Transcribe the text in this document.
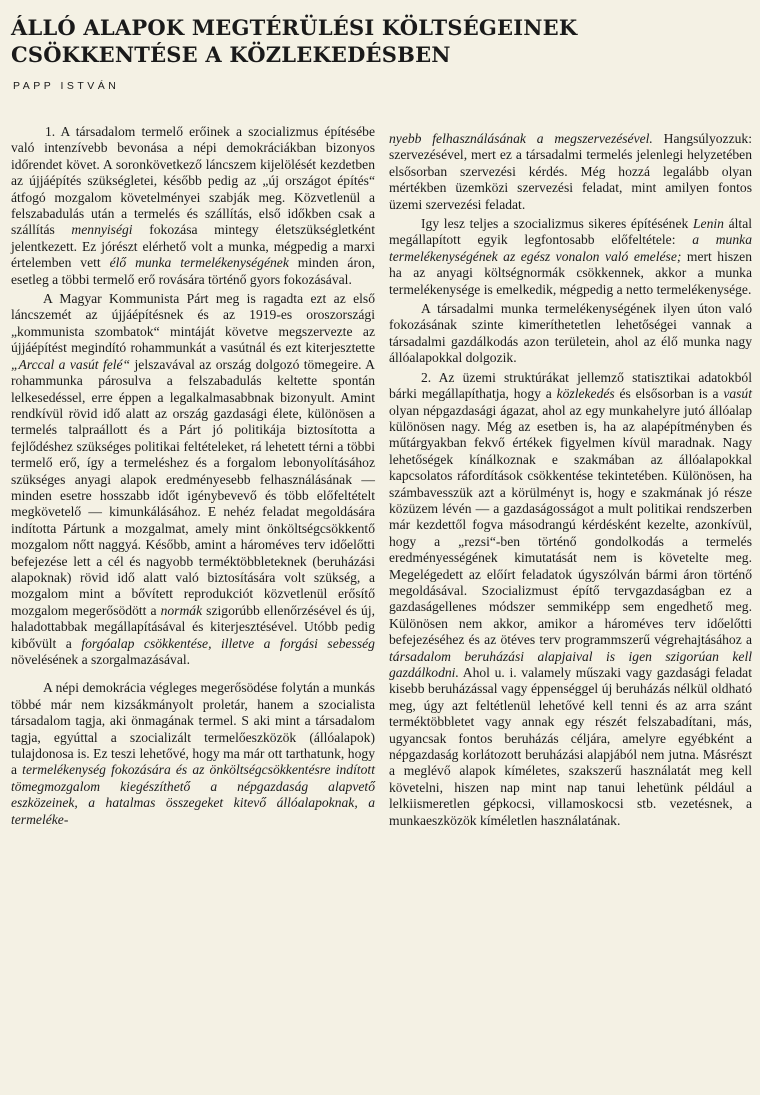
ÁLLÓ ALAPOK MEGTÉRÜLÉSI KÖLTSÉGEINEK CSÖKKENTÉSE A KÖZLEKEDÉSBEN
PAPP ISTVÁN

1. A társadalom termelő erőinek a szocializmus építésébe való intenzívebb bevonása a népi demokráciákban bizonyos időrendet követ. A soronkövetkező láncszem kijelölését kezdetben az újjáépítés szükségletei, később pedig az „új országot építés“ átfogó mozgalom követelményei szabják meg. Közvetlenül a felszabadulás után a termelés és szállítás, első időkben csak a szállítás mennyiségi fokozása mintegy életszükségletként jelentkezett. Ez jórészt elérhető volt a munka, mégpedig a marxi értelemben vett élő munka termelékenységének minden áron, esetleg a többi termelő erő rovására történő gyors fokozásával.

A Magyar Kommunista Párt meg is ragadta ezt az első láncszemét az újjáépítésnek és az 1919-es oroszországi „kommunista szombatok“ mintáját követve megszervezte az újjáépítést megindító rohammunkát a vasútnál és ezt kiterjesztette „Arccal a vasút felé“ jelszavával az ország dolgozó tömegeire. A rohammunka párosulva a felszabadulás keltette spontán lelkesedéssel, erre éppen a legalkalmasabbnak bizonyult. Amint rendkívül rövid idő alatt az ország gazdasági élete, különösen a termelés talpraállott és a Párt jó politikája biztosította a fejlődéshez szükséges politikai feltételeket, rá lehetett térni a többi termelő erő, így a termeléshez és a forgalom lebonyolításához szükséges anyagi alapok eredményesebb felhasználásának — minden esetre hosszabb időt igénybevevő és több előfeltételt megkövetelő — kimunkálásához. E nehéz feladat megoldására indította Pártunk a mozgalmat, amely mint önköltségcsökkentő mozgalom nőtt naggyá. Később, amint a hároméves terv időelőtti befejezése lett a cél és nagyobb terméktöbbleteknek (beruházási alapoknak) rövid idő alatt való biztosítására volt szükség, a mozgalom mint a bővített reprodukciót közvetlenül erősítő mozgalom megerősödött a normák szigorúbb ellenőrzésével és új, haladottabbak megállapításával és kiterjesztésével. Utóbb pedig kibővült a forgóalap csökkentése, illetve a forgási sebesség növelésének a szorgalmazásával.

A népi demokrácia végleges megerősödése folytán a munkás többé már nem kizsákmányolt proletár, hanem a szocialista társadalom tagja, aki önmagának termel. S aki mint a társadalom tagja, egyúttal a szocializált termelőeszközök (állóalapok) tulajdonosa is. Ez teszi lehetővé, hogy ma már ott tarthatunk, hogy a termelékenység fokozására és az önköltségcsökkentésre indított tömegmozgalom kiegészíthető a népgazdaság alapvető eszközeinek, a hatalmas összegeket kitevő állóalapoknak, a termeléke-

nyebb felhasználásának a megszervezésével. Hangsúlyozzuk: szervezésével, mert ez a társadalmi termelés jelenlegi helyzetében elsősorban szervezési kérdés. Még hozzá legalább olyan mértékben üzemközi szervezési feladat, mint amilyen fontos üzemi szervezési feladat.

Igy lesz teljes a szocializmus sikeres építésének Lenin által megállapított egyik legfontosabb előfeltétele: a munka termelékenységének az egész vonalon való emelése; mert hiszen ha az anyagi költségnormák csökkennek, akkor a munka termelékenysége is emelkedik, mégpedig a netto termelékenysége.

A társadalmi munka termelékenységének ilyen úton való fokozásának szinte kimeríthetetlen lehetőségei vannak a társadalmi gazdálkodás azon területein, ahol az élő munka nagy állóalapokkal dolgozik.

2. Az üzemi struktúrákat jellemző statisztikai adatokból bárki megállapíthatja, hogy a közlekedés és elsősorban is a vasút olyan népgazdasági ágazat, ahol az egy munkahelyre jutó állóalap különösen nagy. Még az esetben is, ha az alapépítményben és műtárgyakban fekvő értékek figyelmen kívül maradnak. Nagy lehetőségek kínálkoznak e szakmában az állóalapokkal kapcsolatos ráfordítások csökkentése tekintetében. Különösen, ha számbavesszük azt a körülményt is, hogy e szakmának jó része közüzem lévén — a gazdaságosságot a mult politikai rendszerben már kezdettől fogva másodrangú kérdésként kezelte, azonkívül, hogy a „rezsi“-ben történő gondolkodás a termelés eredményességének kimutatását nem is követelte meg. Megelégedett az előírt feladatok úgyszólván bármi áron történő megoldásával. Szocializmust építő tervgazdaságban ez a gazdaságellenes módszer semmiképp sem engedhető meg. Különösen nem akkor, amikor a hároméves terv időelőtti befejezéséhez és az ötéves terv programmszerű végrehajtásához a társadalom beruházási alapjaival is igen szigorúan kell gazdálkodni. Ahol u. i. valamely műszaki vagy gazdasági feladat kisebb beruházással vagy éppenséggel új beruházás nélkül oldható meg, úgy azt feltétlenül lehetővé kell tenni és az arra szánt terméktöbbletet vagy annak egy részét felszabadítani, más, ugyancsak fontos beruházás céljára, amelyre egyébként a népgazdaság korlátozott beruházási alapjából nem jutna. Másrészt a meglévő alapok kíméletes, szakszerű használatát meg kell követelni, hiszen nap mint nap tanui lehetünk például a lelkiismeretlen gépkocsi, villamoskocsi stb. vezetésnek, a munkaeszközök kíméletlen használatának.
